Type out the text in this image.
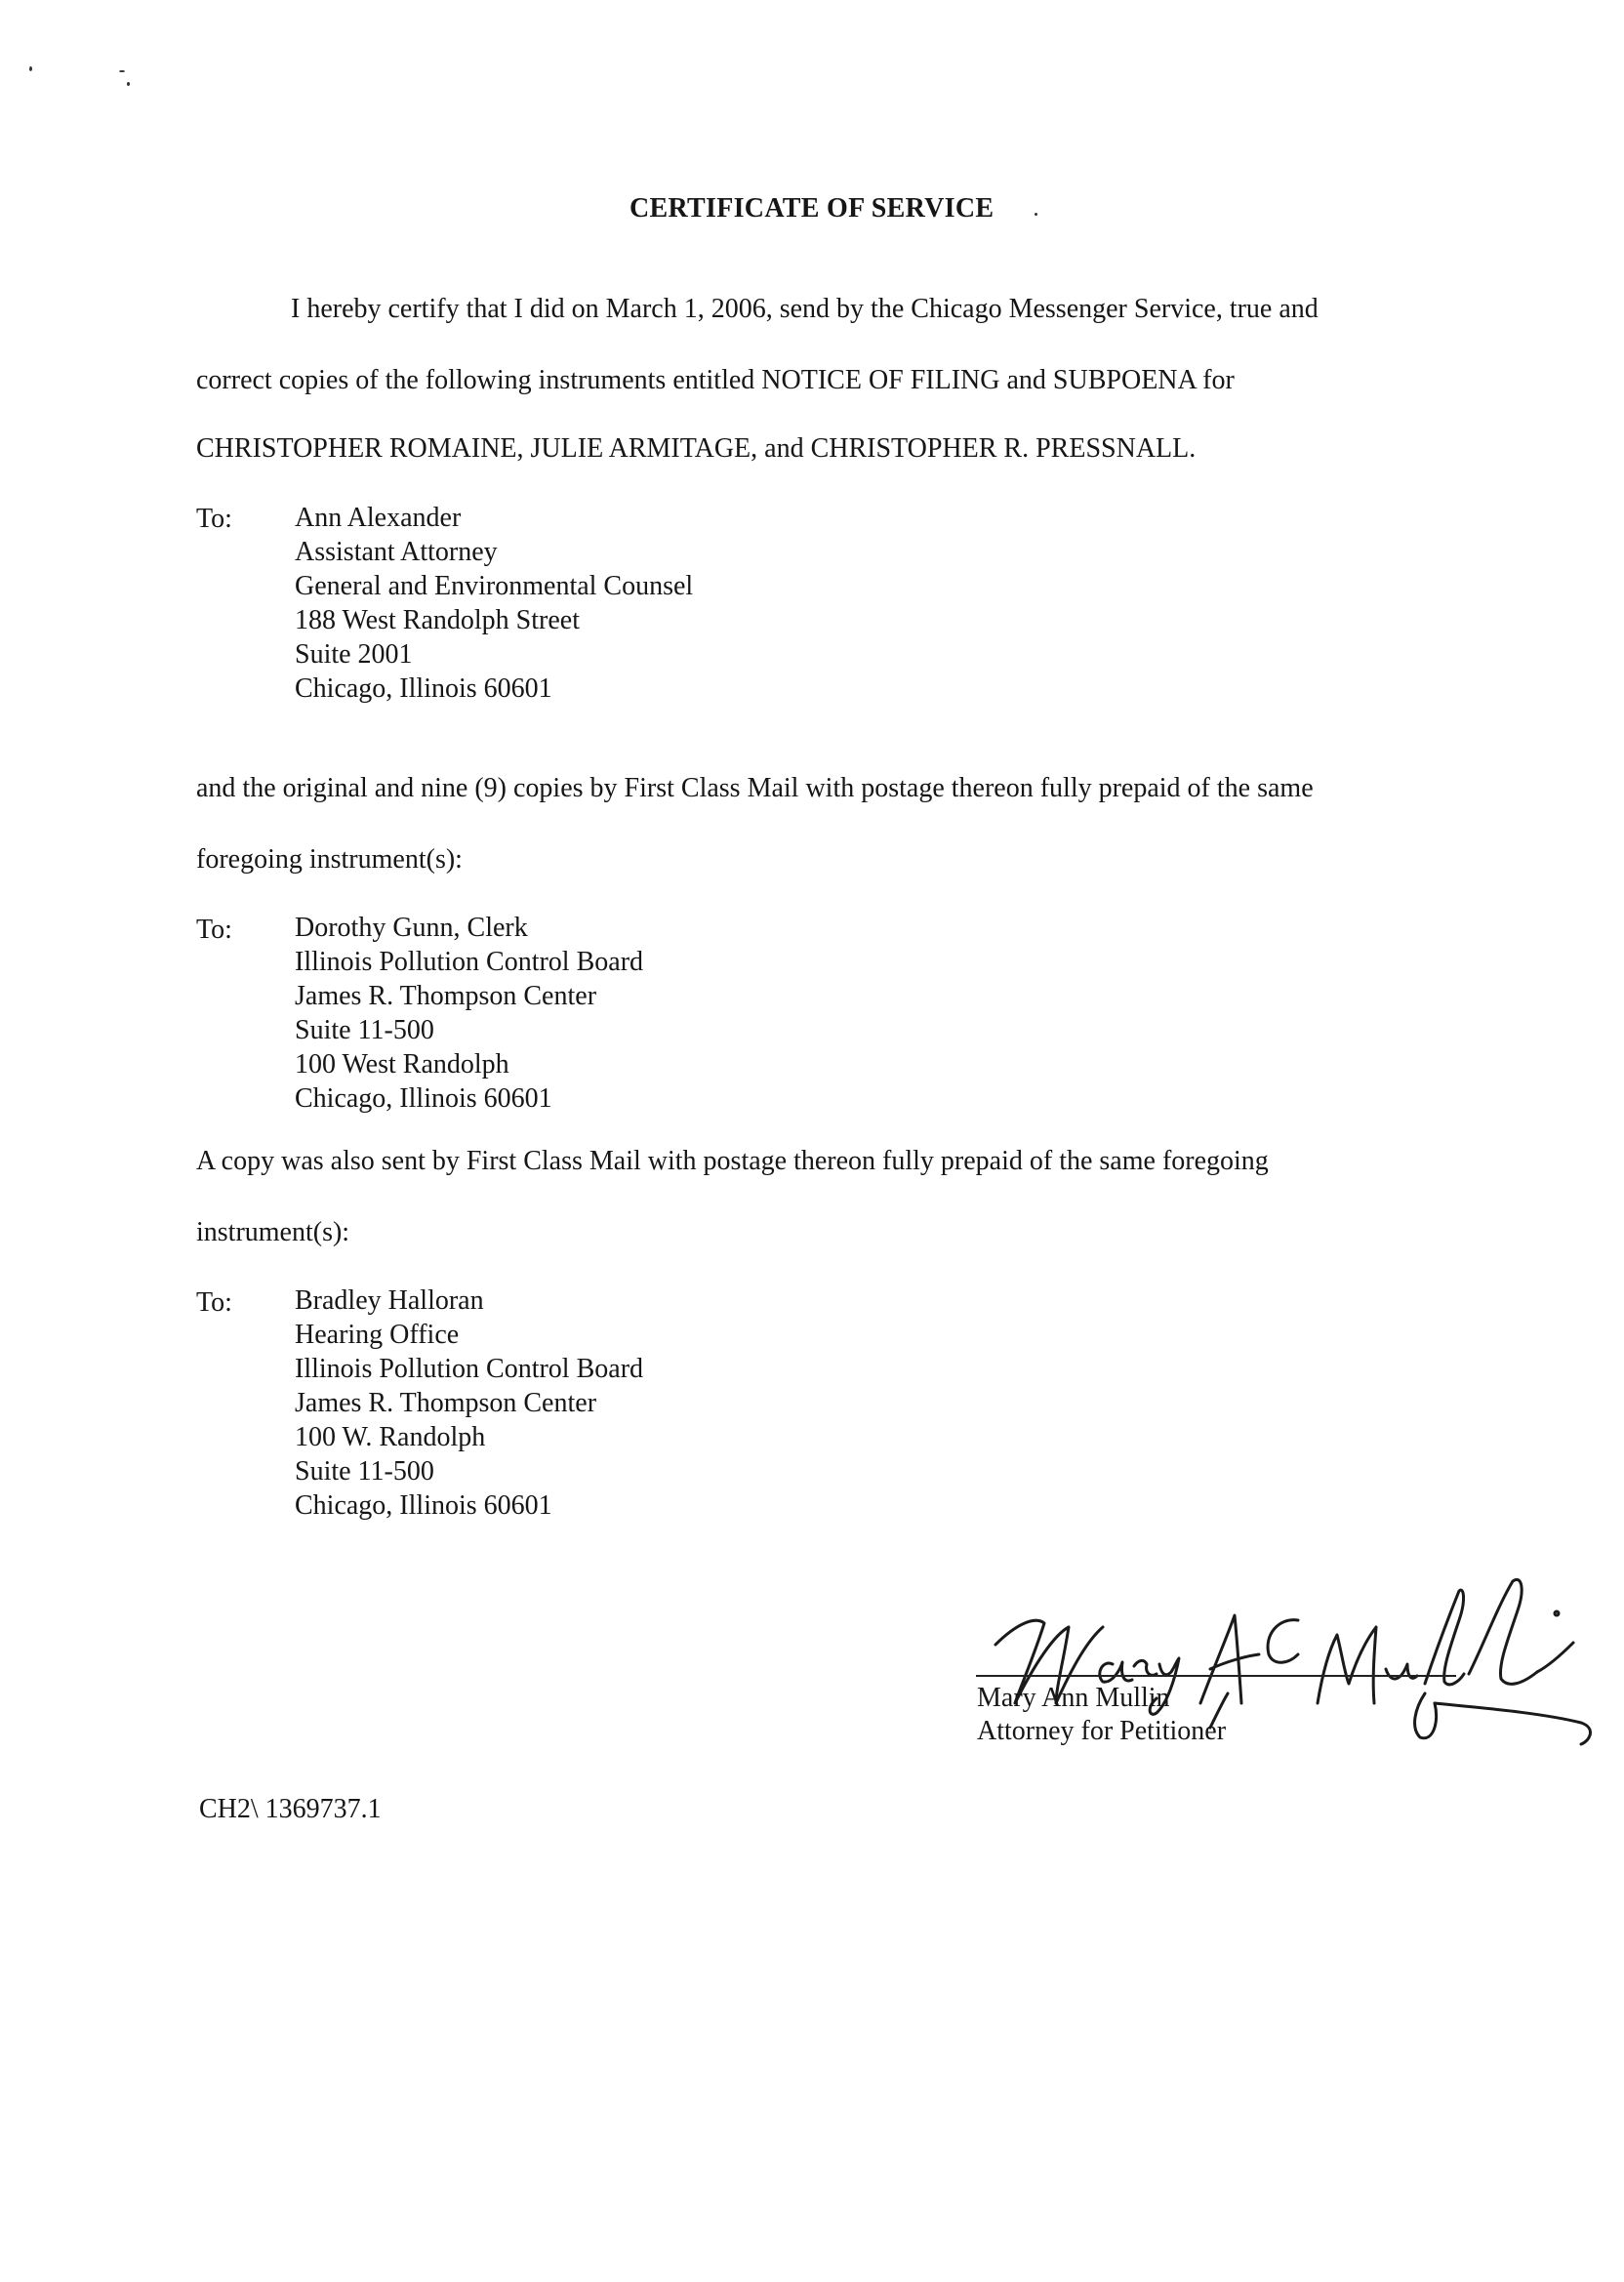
CERTIFICATE OF SERVICE
I hereby certify that I did on March 1, 2006, send by the Chicago Messenger Service, true and
correct copies of the following instruments entitled NOTICE OF FILING and SUBPOENA for
CHRISTOPHER ROMAINE, JULIE ARMITAGE, and CHRISTOPHER R. PRESSNALL.
To: Ann Alexander
Assistant Attorney
General and Environmental Counsel
188 West Randolph Street
Suite 2001
Chicago, Illinois 60601
and the original and nine (9) copies by First Class Mail with postage thereon fully prepaid of the same
foregoing instrument(s):
To: Dorothy Gunn, Clerk
Illinois Pollution Control Board
James R. Thompson Center
Suite 11-500
100 West Randolph
Chicago, Illinois 60601
A copy was also sent by First Class Mail with postage thereon fully prepaid of the same foregoing
instrument(s):
To: Bradley Halloran
Hearing Office
Illinois Pollution Control Board
James R. Thompson Center
100 W. Randolph
Suite 11-500
Chicago, Illinois 60601
Mary Ann Mullin
Attorney for Petitioner
CH2\ 1369737.1
